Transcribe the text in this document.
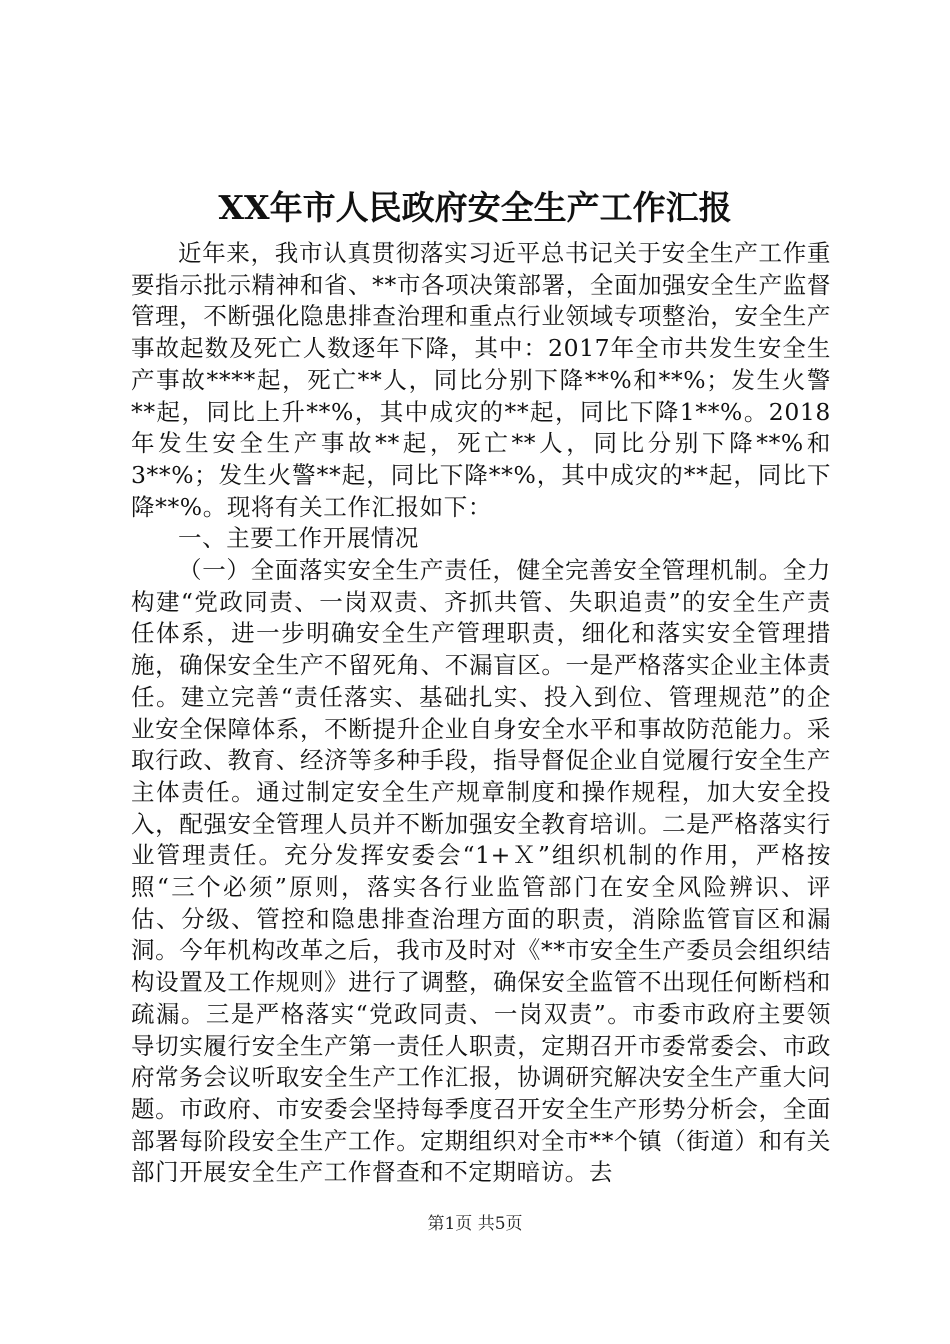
XX年市人民政府安全生产工作汇报

近年来，我市认真贯彻落实习近平总书记关于安全生产工作重要指示批示精神和省、**市各项决策部署，全面加强安全生产监督管理，不断强化隐患排查治理和重点行业领域专项整治，安全生产事故起数及死亡人数逐年下降，其中：2017年全市共发生安全生产事故****起，死亡**人，同比分别下降**%和**%；发生火警**起，同比上升**%，其中成灾的**起，同比下降1**%。2018年发生安全生产事故**起，死亡**人，同比分别下降**%和3**%；发生火警**起，同比下降**%，其中成灾的**起，同比下降**%。现将有关工作汇报如下：

一、主要工作开展情况

（一）全面落实安全生产责任，健全完善安全管理机制。全力构建“党政同责、一岗双责、齐抓共管、失职追责”的安全生产责任体系，进一步明确安全生产管理职责，细化和落实安全管理措施，确保安全生产不留死角、不漏盲区。一是严格落实企业主体责任。建立完善“责任落实、基础扎实、投入到位、管理规范”的企业安全保障体系，不断提升企业自身安全水平和事故防范能力。采取行政、教育、经济等多种手段，指导督促企业自觉履行安全生产主体责任。通过制定安全生产规章制度和操作规程，加大安全投入，配强安全管理人员并不断加强安全教育培训。二是严格落实行业管理责任。充分发挥安委会“1+Ｘ”组织机制的作用，严格按照“三个必须”原则，落实各行业监管部门在安全风险辨识、评估、分级、管控和隐患排查治理方面的职责，消除监管盲区和漏洞。今年机构改革之后，我市及时对《**市安全生产委员会组织结构设置及工作规则》进行了调整，确保安全监管不出现任何断档和疏漏。三是严格落实“党政同责、一岗双责”。市委市政府主要领导切实履行安全生产第一责任人职责，定期召开市委常委会、市政府常务会议听取安全生产工作汇报，协调研究解决安全生产重大问题。市政府、市安委会坚持每季度召开安全生产形势分析会，全面部署每阶段安全生产工作。定期组织对全市**个镇（街道）和有关部门开展安全生产工作督查和不定期暗访。去

第1页 共5页
